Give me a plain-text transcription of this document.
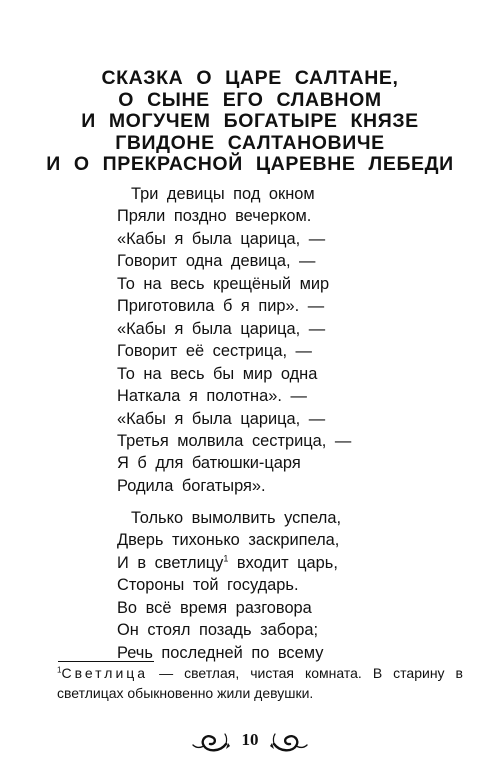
СКАЗКА О ЦАРЕ САЛТАНЕ,
О СЫНЕ ЕГО СЛАВНОМ
И МОГУЧЕМ БОГАТЫРЕ КНЯЗЕ
ГВИДОНЕ САЛТАНОВИЧЕ
И О ПРЕКРАСНОЙ ЦАРЕВНЕ ЛЕБЕДИ
Три девицы под окном
Пряли поздно вечерком.
«Кабы я была царица, —
Говорит одна девица, —
То на весь крещёный мир
Приготовила б я пир». —
«Кабы я была царица, —
Говорит её сестрица, —
То на весь бы мир одна
Наткала я полотна». —
«Кабы я была царица, —
Третья молвила сестрица, —
Я б для батюшки-царя
Родила богатыря».
Только вымолвить успела,
Дверь тихонько заскрипела,
И в светлицу$^1$ входит царь,
Стороны той государь.
Во всё время разговора
Он стоял позадь забора;
Речь последней по всему

$^1$Светлица — светлая, чистая комната. В старину в светлицах обыкновенно жили девушки.

10
